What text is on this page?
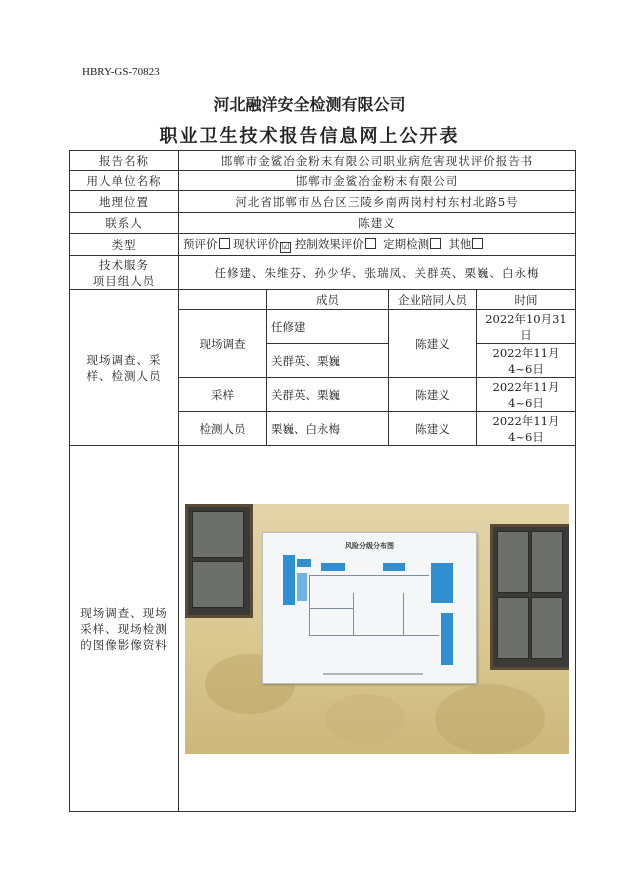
HBRY-GS-70823
河北融洋安全检测有限公司
职业卫生技术报告信息网上公开表
报告名称	邯郸市金鲨冶金粉末有限公司职业病危害现状评价报告书			
用人单位名称	邯郸市金鲨冶金粉末有限公司			
地理位置	河北省邯郸市丛台区三陵乡南两岗村村东村北路5号			
联系人	陈建义			
类型	预评价 现状评价 ☑ 控制效果评价 定期检测 其他			

技术服务
项目组人员	任修建、朱维芬、孙少华、张瑞凤、关群英、栗巍、白永梅			
现场调查、采样、检测人员		成员	企业陪同人员	时间
	现场调查	任修建	陈建义	2022年10月31日
		关群英、栗巍		2022年11月4~6日
	采样	关群英、栗巍	陈建义	2022年11月4~6日
	检测人员	栗巍、白永梅	陈建义	2022年11月4~6日
现场调查、现场采样、现场检测的图像影像资料	风险分级分布图			
